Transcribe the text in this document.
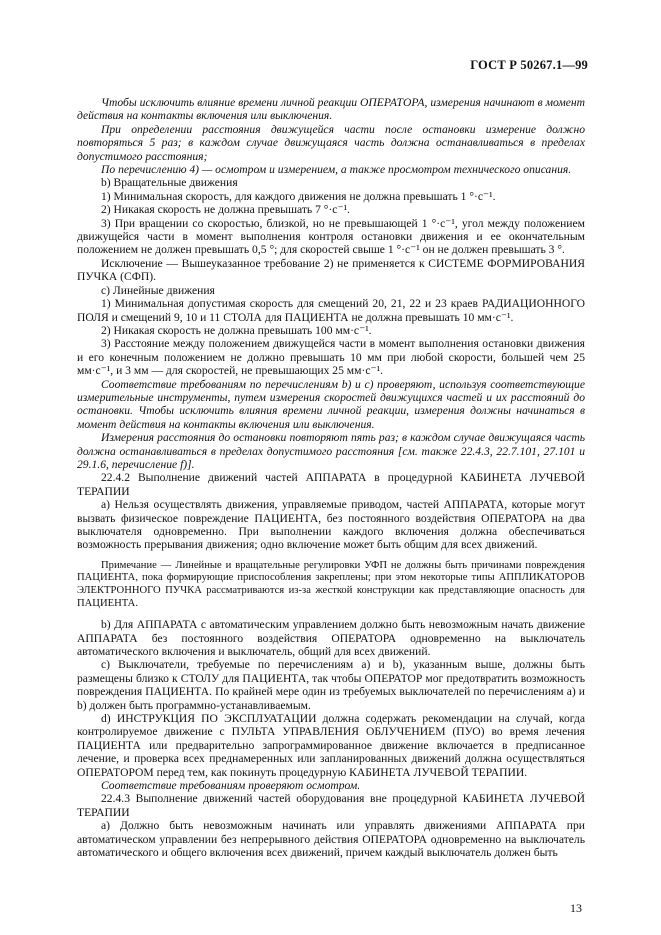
ГОСТ Р 50267.1—99

Чтобы исключить влияние времени личной реакции ОПЕРАТОРА, измерения начинают в момент действия на контакты включения или выключения.

При определении расстояния движущейся части после остановки измерение должно повторяться 5 раз; в каждом случае движущаяся часть должна останавливаться в пределах допустимого расстояния;

По перечислению 4) — осмотром и измерением, а также просмотром технического описания.

b) Вращательные движения

1) Минимальная скорость, для каждого движения не должна превышать 1 °·с⁻¹.

2) Никакая скорость не должна превышать 7 °·с⁻¹.

3) При вращении со скоростью, близкой, но не превышающей 1 °·с⁻¹, угол между положением движущейся части в момент выполнения контроля остановки движения и ее окончательным положением не должен превышать 0,5 °; для скоростей свыше 1 °·с⁻¹ он не должен превышать 3 °.

Исключение — Вышеуказанное требование 2) не применяется к СИСТЕМЕ ФОРМИРОВАНИЯ ПУЧКА (СФП).

c) Линейные движения

1) Минимальная допустимая скорость для смещений 20, 21, 22 и 23 краев РАДИАЦИОННОГО ПОЛЯ и смещений 9, 10 и 11 СТОЛА для ПАЦИЕНТА не должна превышать 10 мм·с⁻¹.

2) Никакая скорость не должна превышать 100 мм·с⁻¹.

3) Расстояние между положением движущейся части в момент выполнения остановки движения и его конечным положением не должно превышать 10 мм при любой скорости, большей чем 25 мм·с⁻¹, и 3 мм — для скоростей, не превышающих 25 мм·с⁻¹.

Соответствие требованиям по перечислениям b) и c) проверяют, используя соответствующие измерительные инструменты, путем измерения скоростей движущихся частей и их расстояний до остановки. Чтобы исключить влияния времени личной реакции, измерения должны начинаться в момент действия на контакты включения или выключения.

Измерения расстояния до остановки повторяют пять раз; в каждом случае движущаяся часть должна останавливаться в пределах допустимого расстояния [см. также 22.4.3, 22.7.101, 27.101 и 29.1.6, перечисление f)].

22.4.2 Выполнение движений частей АППАРАТА в процедурной КАБИНЕТА ЛУЧЕВОЙ ТЕРАПИИ

a) Нельзя осуществлять движения, управляемые приводом, частей АППАРАТА, которые могут вызвать физическое повреждение ПАЦИЕНТА, без постоянного воздействия ОПЕРАТОРА на два выключателя одновременно. При выполнении каждого включения должна обеспечиваться возможность прерывания движения; одно включение может быть общим для всех движений.

Примечание — Линейные и вращательные регулировки УФП не должны быть причинами повреждения ПАЦИЕНТА, пока формирующие приспособления закреплены; при этом некоторые типы АППЛИКАТОРОВ ЭЛЕКТРОННОГО ПУЧКА рассматриваются из-за жесткой конструкции как представляющие опасность для ПАЦИЕНТА.

b) Для АППАРАТА с автоматическим управлением должно быть невозможным начать движение АППАРАТА без постоянного воздействия ОПЕРАТОРА одновременно на выключатель автоматического включения и выключатель, общий для всех движений.

c) Выключатели, требуемые по перечислениям a) и b), указанным выше, должны быть размещены близко к СТОЛУ для ПАЦИЕНТА, так чтобы ОПЕРАТОР мог предотвратить возможность повреждения ПАЦИЕНТА. По крайней мере один из требуемых выключателей по перечислениям a) и b) должен быть программно-устанавливаемым.

d) ИНСТРУКЦИЯ ПО ЭКСПЛУАТАЦИИ должна содержать рекомендации на случай, когда контролируемое движение с ПУЛЬТА УПРАВЛЕНИЯ ОБЛУЧЕНИЕМ (ПУО) во время лечения ПАЦИЕНТА или предварительно запрограммированное движение включается в предписанное лечение, и проверка всех преднамеренных или запланированных движений должна осуществляться ОПЕРАТОРОМ перед тем, как покинуть процедурную КАБИНЕТА ЛУЧЕВОЙ ТЕРАПИИ.

Соответствие требованиям проверяют осмотром.

22.4.3 Выполнение движений частей оборудования вне процедурной КАБИНЕТА ЛУЧЕВОЙ ТЕРАПИИ

a) Должно быть невозможным начинать или управлять движениями АППАРАТА при автоматическом управлении без непрерывного действия ОПЕРАТОРА одновременно на выключатель автоматического и общего включения всех движений, причем каждый выключатель должен быть

13
